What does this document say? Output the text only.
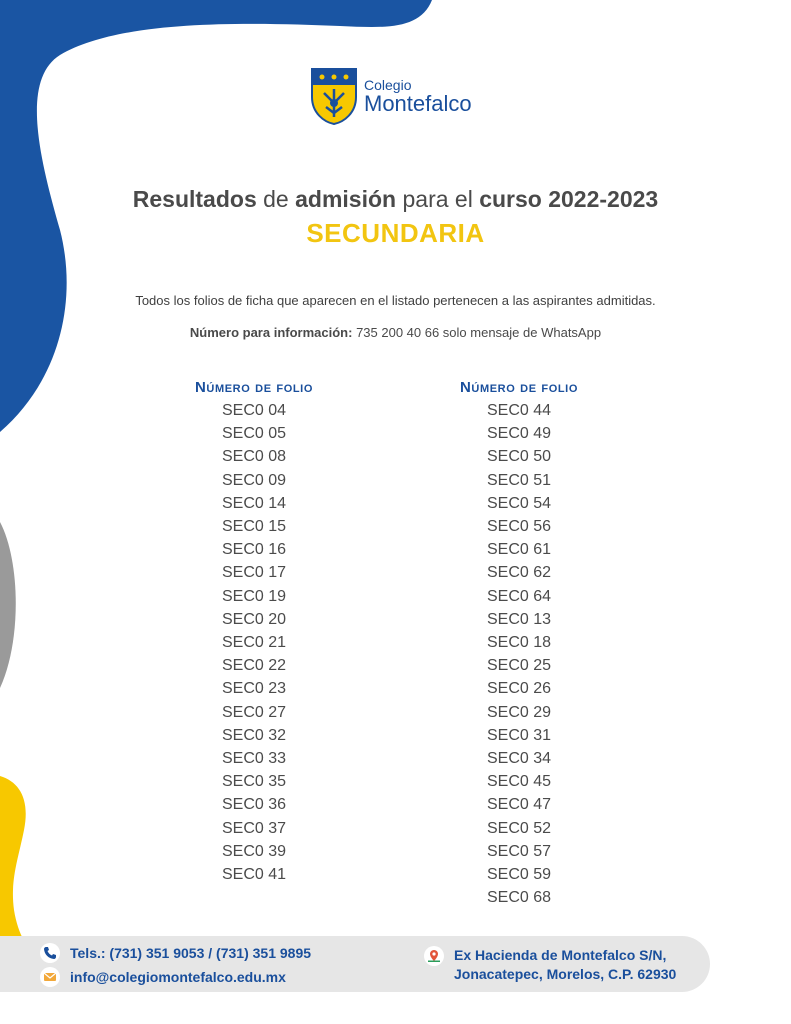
Colegio
Montefalco
Resultados de admisión para el curso 2022-2023
SECUNDARIA
Todos los folios de ficha que aparecen en el listado pertenecen a las aspirantes admitidas.
Número para información: 735 200 40 66 solo mensaje de WhatsApp
Número de folio
SEC0 04
SEC0 05
SEC0 08
SEC0 09
SEC0 14
SEC0 15
SEC0 16
SEC0 17
SEC0 19
SEC0 20
SEC0 21
SEC0 22
SEC0 23
SEC0 27
SEC0 32
SEC0 33
SEC0 35
SEC0 36
SEC0 37
SEC0 39
SEC0 41
Número de folio
SEC0 44
SEC0 49
SEC0 50
SEC0 51
SEC0 54
SEC0 56
SEC0 61
SEC0 62
SEC0 64
SEC0 13
SEC0 18
SEC0 25
SEC0 26
SEC0 29
SEC0 31
SEC0 34
SEC0 45
SEC0 47
SEC0 52
SEC0 57
SEC0 59
SEC0 68
Tels.: (731) 351 9053 / (731) 351 9895
info@colegiomontefalco.edu.mx
Ex Hacienda de Montefalco S/N,
Jonacatepec, Morelos, C.P. 62930
